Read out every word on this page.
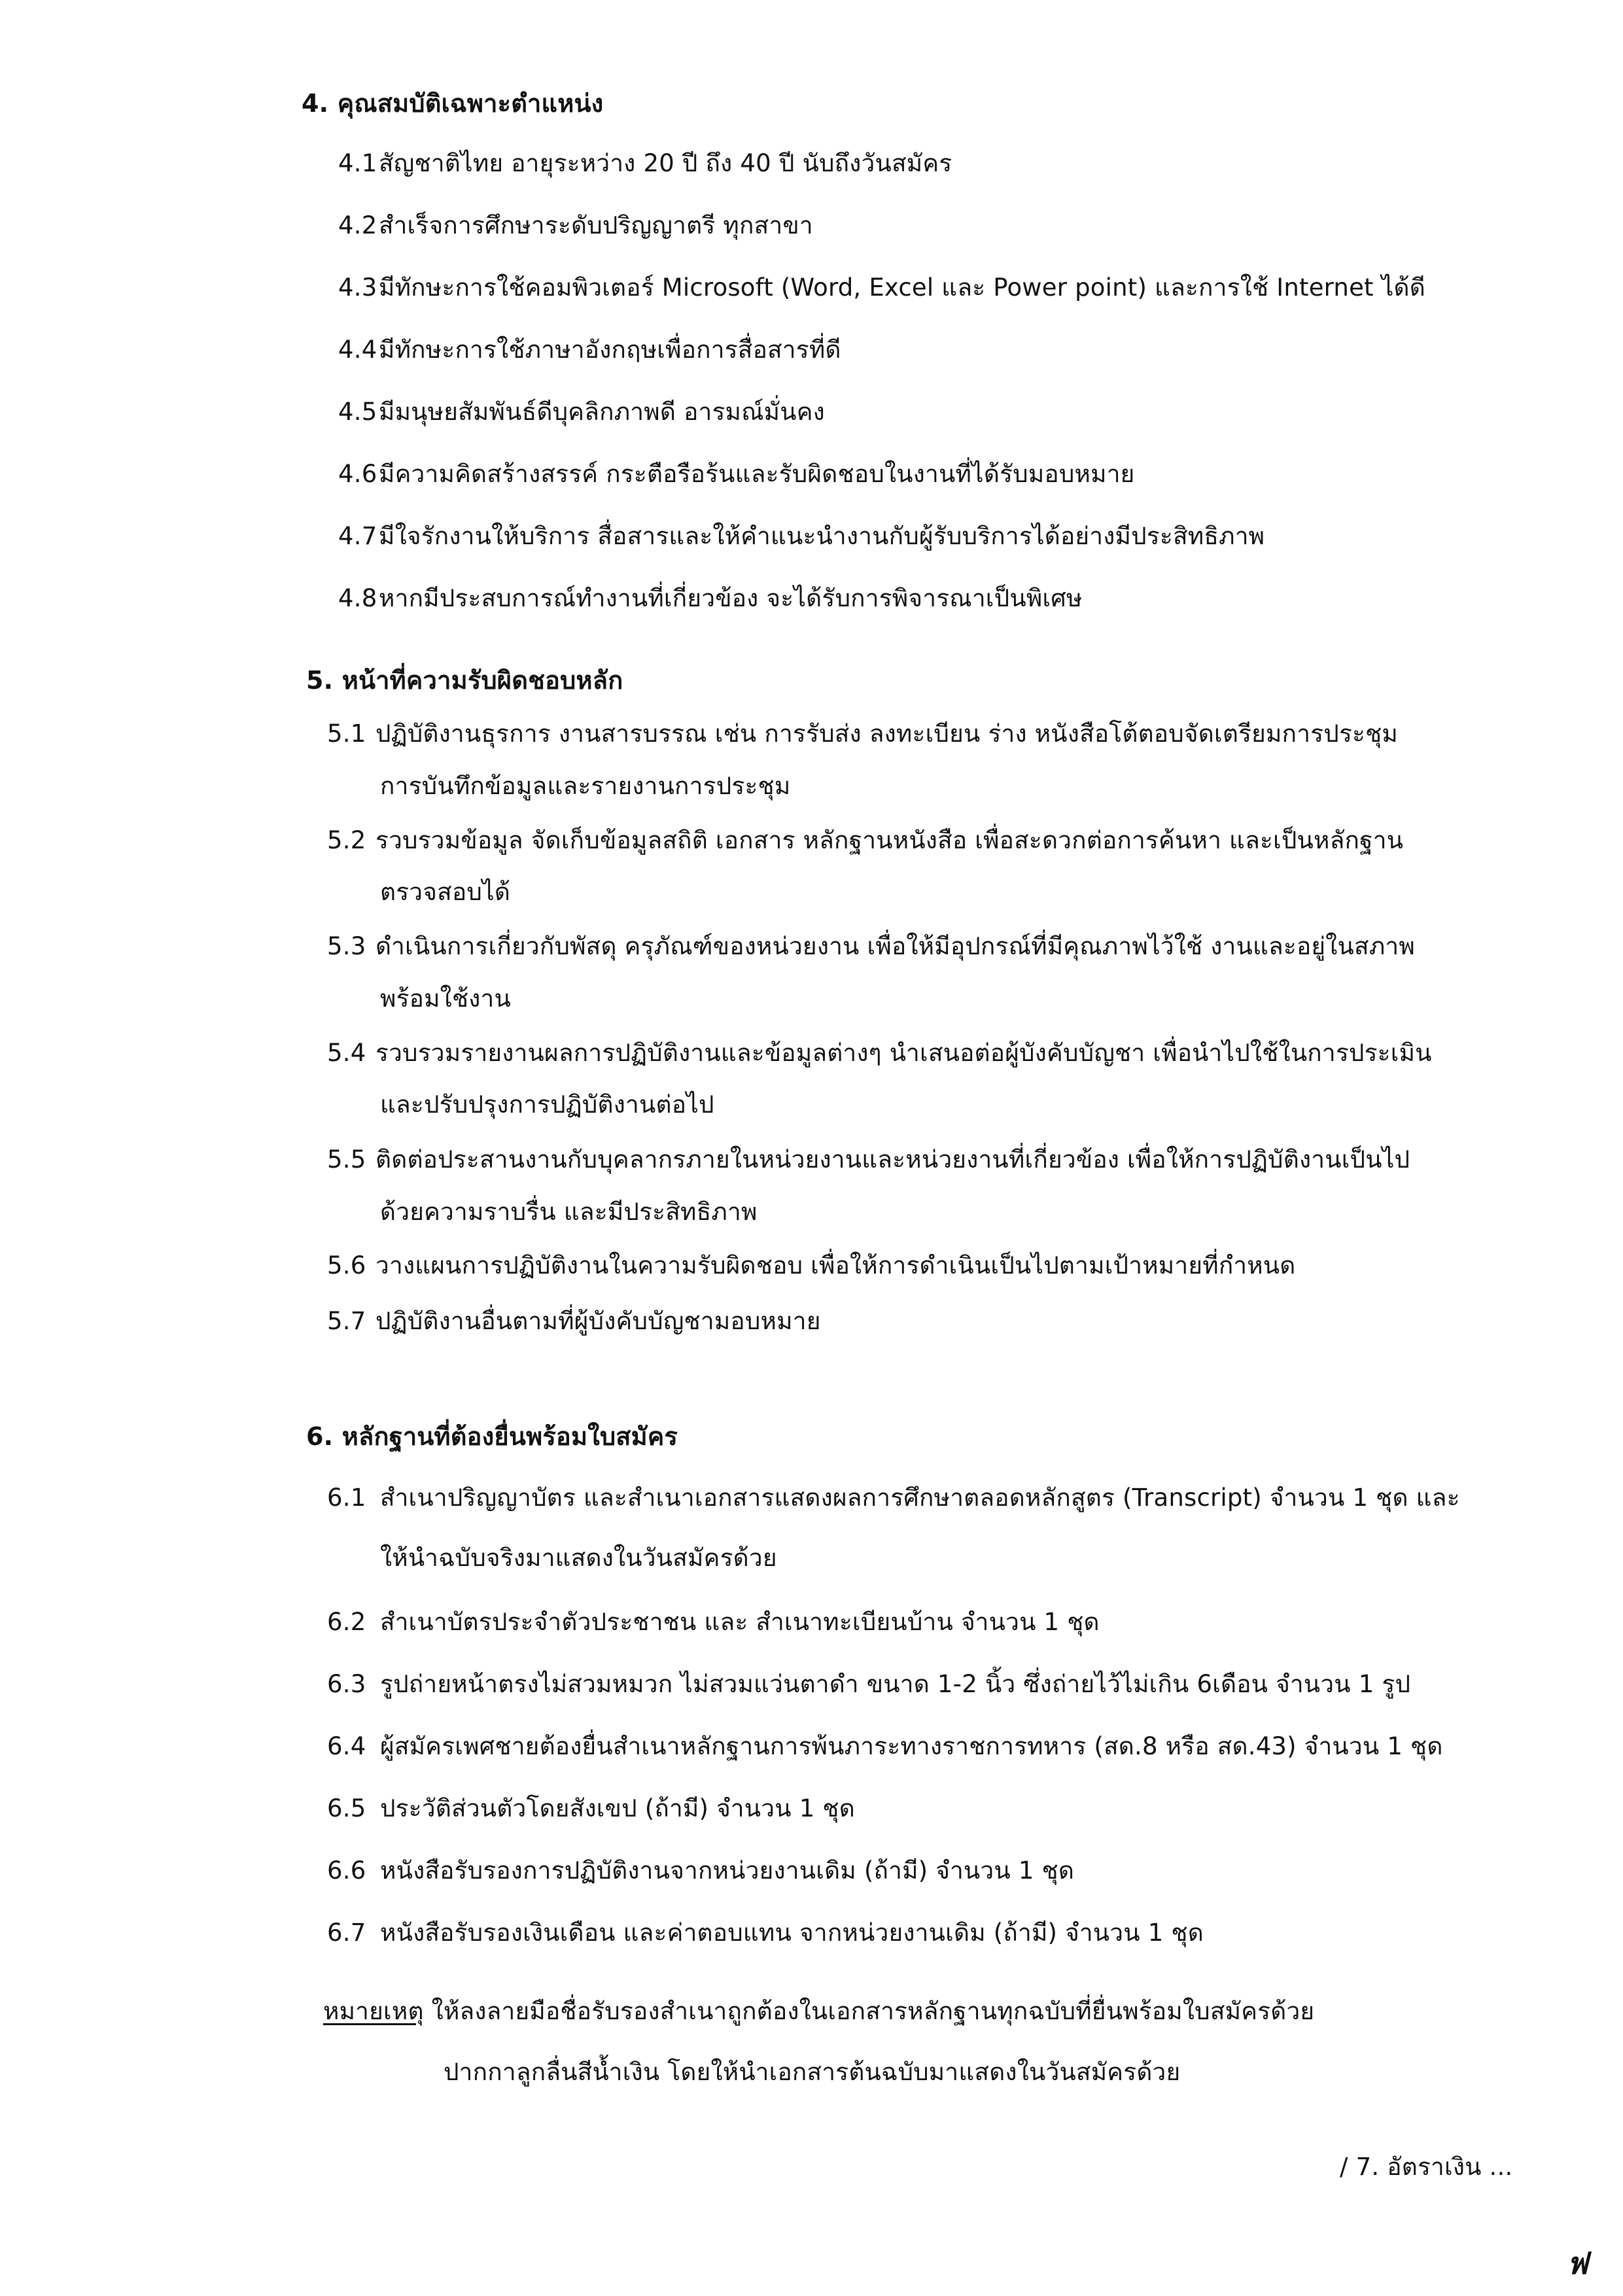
4. คุณสมบัติเฉพาะตำแหน่ง
4.1สัญชาติไทย อายุระหว่าง 20 ปี ถึง 40 ปี นับถึงวันสมัคร
4.2สำเร็จการศึกษาระดับปริญญาตรี ทุกสาขา
4.3มีทักษะการใช้คอมพิวเตอร์ Microsoft (Word, Excel และ Power point) และการใช้ Internet ได้ดี
4.4มีทักษะการใช้ภาษาอังกฤษเพื่อการสื่อสารที่ดี
4.5มีมนุษยสัมพันธ์ดีบุคลิกภาพดี อารมณ์มั่นคง
4.6มีความคิดสร้างสรรค์ กระตือรือร้นและรับผิดชอบในงานที่ได้รับมอบหมาย
4.7มีใจรักงานให้บริการ สื่อสารและให้คำแนะนำงานกับผู้รับบริการได้อย่างมีประสิทธิภาพ
4.8หากมีประสบการณ์ทำงานที่เกี่ยวข้อง จะได้รับการพิจารณาเป็นพิเศษ
5. หน้าที่ความรับผิดชอบหลัก
5.1 ปฏิบัติงานธุรการ งานสารบรรณ เช่น การรับส่ง ลงทะเบียน ร่าง หนังสือโต้ตอบจัดเตรียมการประชุม
การบันทึกข้อมูลและรายงานการประชุม
5.2 รวบรวมข้อมูล จัดเก็บข้อมูลสถิติ เอกสาร หลักฐานหนังสือ เพื่อสะดวกต่อการค้นหา และเป็นหลักฐาน
ตรวจสอบได้
5.3 ดำเนินการเกี่ยวกับพัสดุ ครุภัณฑ์ของหน่วยงาน เพื่อให้มีอุปกรณ์ที่มีคุณภาพไว้ใช้ งานและอยู่ในสภาพ
พร้อมใช้งาน
5.4 รวบรวมรายงานผลการปฏิบัติงานและข้อมูลต่างๆ นำเสนอต่อผู้บังคับบัญชา เพื่อนำไปใช้ในการประเมิน
และปรับปรุงการปฏิบัติงานต่อไป
5.5 ติดต่อประสานงานกับบุคลากรภายในหน่วยงานและหน่วยงานที่เกี่ยวข้อง เพื่อให้การปฏิบัติงานเป็นไป
ด้วยความราบรื่น และมีประสิทธิภาพ
5.6 วางแผนการปฏิบัติงานในความรับผิดชอบ เพื่อให้การดำเนินเป็นไปตามเป้าหมายที่กำหนด
5.7 ปฏิบัติงานอื่นตามที่ผู้บังคับบัญชามอบหมาย
6. หลักฐานที่ต้องยื่นพร้อมใบสมัคร
6.1 สำเนาปริญญาบัตร และสำเนาเอกสารแสดงผลการศึกษาตลอดหลักสูตร (Transcript) จำนวน 1 ชุด และ
ให้นำฉบับจริงมาแสดงในวันสมัครด้วย
6.2 สำเนาบัตรประจำตัวประชาชน และ สำเนาทะเบียนบ้าน จำนวน 1 ชุด
6.3 รูปถ่ายหน้าตรงไม่สวมหมวก ไม่สวมแว่นตาดำ ขนาด 1-2 นิ้ว ซึ่งถ่ายไว้ไม่เกิน 6เดือน จำนวน 1 รูป
6.4 ผู้สมัครเพศชายต้องยื่นสำเนาหลักฐานการพ้นภาระทางราชการทหาร (สด.8 หรือ สด.43) จำนวน 1 ชุด
6.5 ประวัติส่วนตัวโดยสังเขป (ถ้ามี) จำนวน 1 ชุด
6.6 หนังสือรับรองการปฏิบัติงานจากหน่วยงานเดิม (ถ้ามี) จำนวน 1 ชุด
6.7 หนังสือรับรองเงินเดือน และค่าตอบแทน จากหน่วยงานเดิม (ถ้ามี) จำนวน 1 ชุด
หมายเหตุ ให้ลงลายมือชื่อรับรองสำเนาถูกต้องในเอกสารหลักฐานทุกฉบับที่ยื่นพร้อมใบสมัครด้วย
ปากกาลูกลื่นสีน้ำเงิน โดยให้นำเอกสารต้นฉบับมาแสดงในวันสมัครด้วย
/ 7. อัตราเงิน ...
ฟ
